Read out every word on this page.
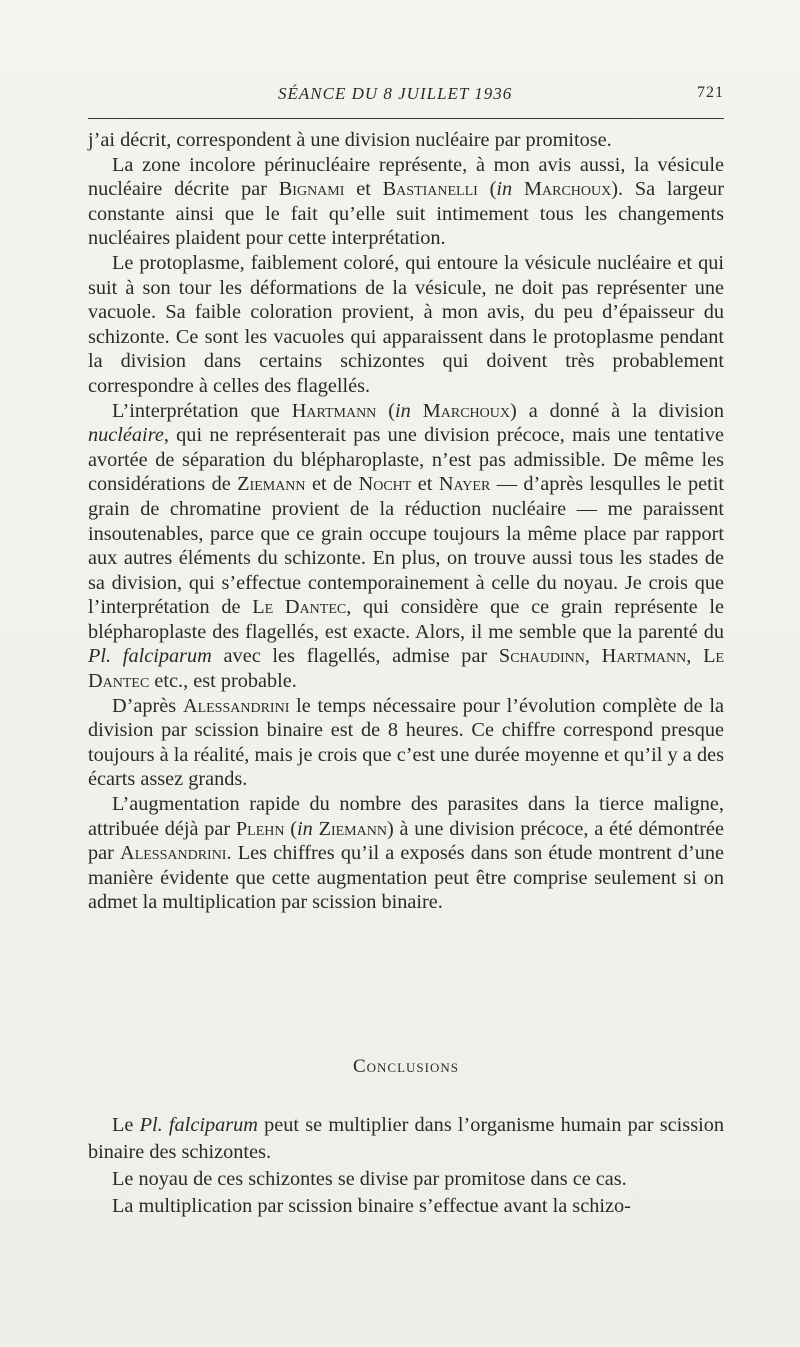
SÉANCE DU 8 JUILLET 1936	721

j’ai décrit, correspondent à une division nucléaire par promitose.

La zone incolore périnucléaire représente, à mon avis aussi, la vésicule nucléaire décrite par Bignami et Bastianelli (in Marchoux). Sa largeur constante ainsi que le fait qu’elle suit intimement tous les changements nucléaires plaident pour cette interprétation.

Le protoplasme, faiblement coloré, qui entoure la vésicule nucléaire et qui suit à son tour les déformations de la vésicule, ne doit pas représenter une vacuole. Sa faible coloration provient, à mon avis, du peu d’épaisseur du schizonte. Ce sont les vacuoles qui apparaissent dans le protoplasme pendant la division dans certains schizontes qui doivent très probablement correspondre à celles des flagellés.

L’interprétation que Hartmann (in Marchoux) a donné à la division nucléaire, qui ne représenterait pas une division précoce, mais une tentative avortée de séparation du blépharoplaste, n’est pas admissible. De même les considérations de Ziemann et de Nocht et Nayer — d’après lesqulles le petit grain de chromatine provient de la réduction nucléaire — me paraissent insoutenables, parce que ce grain occupe toujours la même place par rapport aux autres éléments du schizonte. En plus, on trouve aussi tous les stades de sa division, qui s’effectue contemporainement à celle du noyau. Je crois que l’interprétation de Le Dantec, qui considère que ce grain représente le blépharoplaste des flagellés, est exacte. Alors, il me semble que la parenté du Pl. falciparum avec les flagellés, admise par Schaudinn, Hartmann, Le Dantec etc., est probable.

D’après Alessandrini le temps nécessaire pour l’évolution complète de la division par scission binaire est de 8 heures. Ce chiffre correspond presque toujours à la réalité, mais je crois que c’est une durée moyenne et qu’il y a des écarts assez grands.

L’augmentation rapide du nombre des parasites dans la tierce maligne, attribuée déjà par Plehn (in Ziemann) à une division précoce, a été démontrée par Alessandrini. Les chiffres qu’il a exposés dans son étude montrent d’une manière évidente que cette augmentation peut être comprise seulement si on admet la multiplication par scission binaire.

Conclusions

Le Pl. falciparum peut se multiplier dans l’organisme humain par scission binaire des schizontes.

Le noyau de ces schizontes se divise par promitose dans ce cas.

La multiplication par scission binaire s’effectue avant la schizo-
